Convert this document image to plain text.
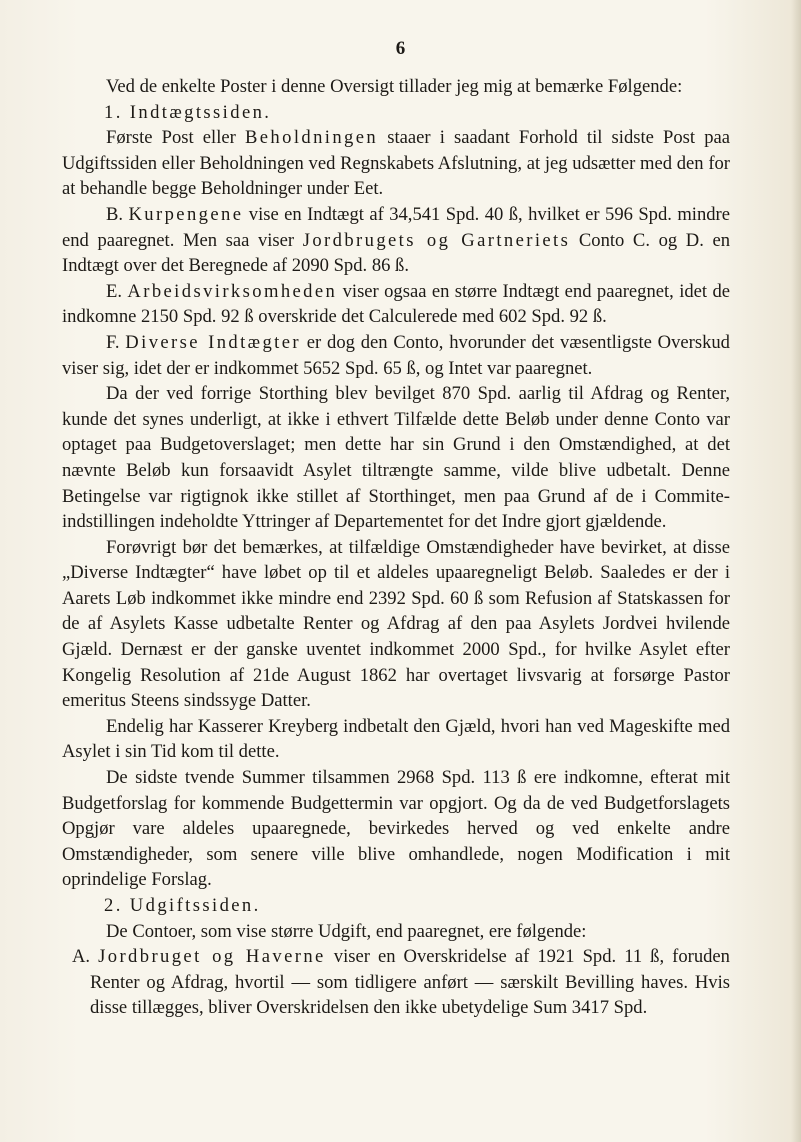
6

Ved de enkelte Poster i denne Oversigt tillader jeg mig at bemærke Følgende:

1. Indtægtssiden.

Første Post eller Beholdningen staaer i saadant Forhold til sidste Post paa Udgiftssiden eller Beholdningen ved Regnskabets Afslutning, at jeg udsætter med den for at behandle begge Beholdninger under Eet.

B. Kurpengene vise en Indtægt af 34,541 Spd. 40 ß, hvilket er 596 Spd. mindre end paaregnet. Men saa viser Jordbrugets og Gartneriets Conto C. og D. en Indtægt over det Beregnede af 2090 Spd. 86 ß.

E. Arbeidsvirksomheden viser ogsaa en større Indtægt end paaregnet, idet de indkomne 2150 Spd. 92 ß overskride det Calculerede med 602 Spd. 92 ß.

F. Diverse Indtægter er dog den Conto, hvorunder det væsentligste Overskud viser sig, idet der er indkommet 5652 Spd. 65 ß, og Intet var paaregnet.

Da der ved forrige Storthing blev bevilget 870 Spd. aarlig til Afdrag og Renter, kunde det synes underligt, at ikke i ethvert Tilfælde dette Beløb under denne Conto var optaget paa Budgetoverslaget; men dette har sin Grund i den Omstændighed, at det nævnte Beløb kun forsaavidt Asylet tiltrængte samme, vilde blive udbetalt. Denne Betingelse var rigtignok ikke stillet af Storthinget, men paa Grund af de i Commite-indstillingen indeholdte Yttringer af Departementet for det Indre gjort gjældende.

Forøvrigt bør det bemærkes, at tilfældige Omstændigheder have bevirket, at disse „Diverse Indtægter“ have løbet op til et aldeles upaaregneligt Beløb. Saaledes er der i Aarets Løb indkommet ikke mindre end 2392 Spd. 60 ß som Refusion af Statskassen for de af Asylets Kasse udbetalte Renter og Afdrag af den paa Asylets Jordvei hvilende Gjæld. Dernæst er der ganske uventet indkommet 2000 Spd., for hvilke Asylet efter Kongelig Resolution af 21de August 1862 har overtaget livsvarig at forsørge Pastor emeritus Steens sindssyge Datter.

Endelig har Kasserer Kreyberg indbetalt den Gjæld, hvori han ved Mageskifte med Asylet i sin Tid kom til dette.

De sidste tvende Summer tilsammen 2968 Spd. 113 ß ere indkomne, efterat mit Budgetforslag for kommende Budgettermin var opgjort. Og da de ved Budgetforslagets Opgjør vare aldeles upaaregnede, bevirkedes herved og ved enkelte andre Omstændigheder, som senere ville blive omhandlede, nogen Modification i mit oprindelige Forslag.

2. Udgiftssiden.

De Contoer, som vise større Udgift, end paaregnet, ere følgende:

A. Jordbruget og Haverne viser en Overskridelse af 1921 Spd. 11 ß, foruden Renter og Afdrag, hvortil — som tidligere anført — særskilt Bevilling haves. Hvis disse tillægges, bliver Overskridelsen den ikke ubetydelige Sum 3417 Spd.
